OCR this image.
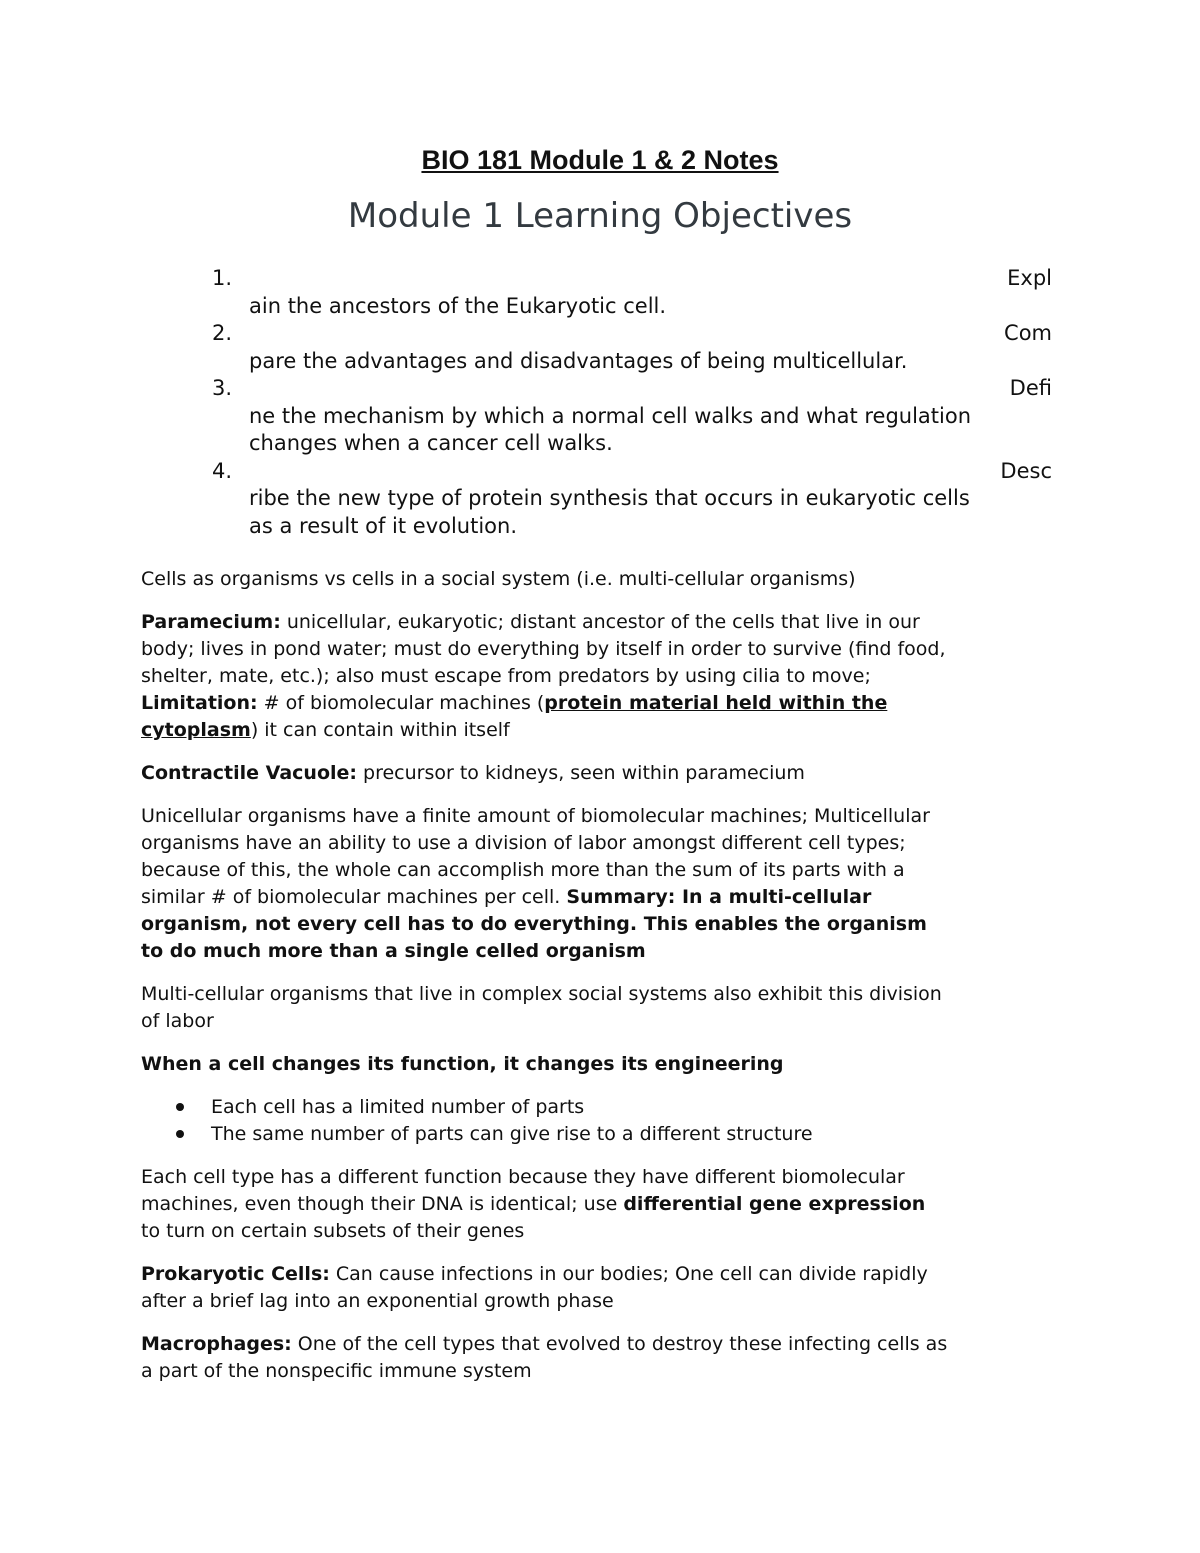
BIO 181 Module 1 & 2 Notes
Module 1 Learning Objectives
1.	Expl
ain the ancestors of the Eukaryotic cell.
2.	Com
pare the advantages and disadvantages of being multicellular.
3.	Defi
ne the mechanism by which a normal cell walks and what regulation
changes when a cancer cell walks.
4.	Desc
ribe the new type of protein synthesis that occurs in eukaryotic cells
as a result of it evolution.

Cells as organisms vs cells in a social system (i.e. multi-cellular organisms)

Paramecium: unicellular, eukaryotic; distant ancestor of the cells that live in our
body; lives in pond water; must do everything by itself in order to survive (find food,
shelter, mate, etc.); also must escape from predators by using cilia to move;
Limitation: # of biomolecular machines (protein material held within the
cytoplasm) it can contain within itself

Contractile Vacuole: precursor to kidneys, seen within paramecium

Unicellular organisms have a finite amount of biomolecular machines; Multicellular
organisms have an ability to use a division of labor amongst different cell types;
because of this, the whole can accomplish more than the sum of its parts with a
similar # of biomolecular machines per cell. Summary: In a multi-cellular
organism, not every cell has to do everything. This enables the organism
to do much more than a single celled organism

Multi-cellular organisms that live in complex social systems also exhibit this division
of labor

When a cell changes its function, it changes its engineering

Each cell has a limited number of parts
The same number of parts can give rise to a different structure

Each cell type has a different function because they have different biomolecular
machines, even though their DNA is identical; use differential gene expression
to turn on certain subsets of their genes

Prokaryotic Cells: Can cause infections in our bodies; One cell can divide rapidly
after a brief lag into an exponential growth phase

Macrophages: One of the cell types that evolved to destroy these infecting cells as
a part of the nonspecific immune system
